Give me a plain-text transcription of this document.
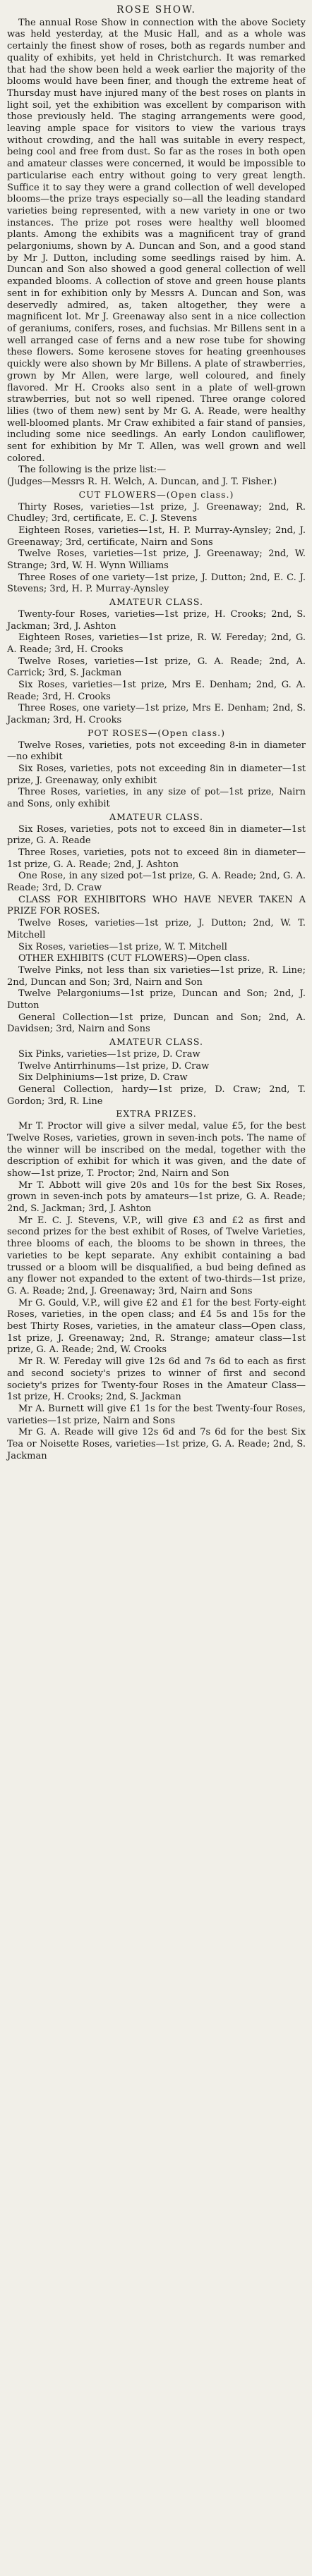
ROSE SHOW.
The annual Rose Show in connection with the above Society was held yesterday, at the Music Hall, and as a whole was certainly the finest show of roses, both as regards number and quality of exhibits, yet held in Christchurch. It was remarked that had the show been held a week earlier the majority of the blooms would have been finer, and though the extreme heat of Thursday must have injured many of the best roses on plants in light soil, yet the exhibition was excellent by comparison with those previously held. The staging arrangements were good, leaving ample space for visitors to view the various trays without crowding, and the hall was suitable in every respect, being cool and free from dust. So far as the roses in both open and amateur classes were concerned, it would be impossible to particularise each entry without going to very great length. Suffice it to say they were a grand collection of well developed blooms—the prize trays especially so—all the leading standard varieties being represented, with a new variety in one or two instances. The prize pot roses were healthy well bloomed plants. Among the exhibits was a magnificent tray of grand pelargoniums, shown by A. Duncan and Son, and a good stand by Mr J. Dutton, including some seedlings raised by him. A. Duncan and Son also showed a good general collection of well expanded blooms. A collection of stove and green house plants sent in for exhibition only by Messrs A. Duncan and Son, was deservedly admired, as, taken altogether, they were a magnificent lot. Mr J. Greenaway also sent in a nice collection of geraniums, conifers, roses, and fuchsias. Mr Billens sent in a well arranged case of ferns and a new rose tube for showing these flowers. Some kerosene stoves for heating greenhouses quickly were also shown by Mr Billens. A plate of strawberries, grown by Mr Allen, were large, well coloured, and finely flavored. Mr H. Crooks also sent in a plate of well-grown strawberries, but not so well ripened. Three orange colored lilies (two of them new) sent by Mr G. A. Reade, were healthy well-bloomed plants. Mr Craw exhibited a fair stand of pansies, including some nice seedlings. An early London cauliflower, sent for exhibition by Mr T. Allen, was well grown and well colored.
The following is the prize list:—
(Judges—Messrs R. H. Welch, A. Duncan, and J. T. Fisher.)
CUT FLOWERS—(Open class.)
Thirty Roses, varieties—1st prize, J. Greenaway; 2nd, R. Chudley; 3rd, certificate, E. C. J. Stevens
Eighteen Roses, varieties—1st, H. P. Murray-Aynsley; 2nd, J. Greenaway; 3rd, certificate, Nairn and Sons
Twelve Roses, varieties—1st prize, J. Greenaway; 2nd, W. Strange; 3rd, W. H. Wynn Williams
Three Roses of one variety—1st prize, J. Dutton; 2nd, E. C. J. Stevens; 3rd, H. P. Murray-Aynsley
AMATEUR CLASS.
Twenty-four Roses, varieties—1st prize, H. Crooks; 2nd, S. Jackman; 3rd, J. Ashton
Eighteen Roses, varieties—1st prize, R. W. Fereday; 2nd, G. A. Reade; 3rd, H. Crooks
Twelve Roses, varieties—1st prize, G. A. Reade; 2nd, A. Carrick; 3rd, S. Jackman
Six Roses, varieties—1st prize, Mrs E. Denham; 2nd, G. A. Reade; 3rd, H. Crooks
Three Roses, one variety—1st prize, Mrs E. Denham; 2nd, S. Jackman; 3rd, H. Crooks
POT ROSES—(Open class.)
Twelve Roses, varieties, pots not exceeding 8-in in diameter—no exhibit
Six Roses, varieties, pots not exceeding 8in in diameter—1st prize, J. Greenaway, only exhibit
Three Roses, varieties, in any size of pot—1st prize, Nairn and Sons, only exhibit
AMATEUR CLASS.
Six Roses, varieties, pots not to exceed 8in in diameter—1st prize, G. A. Reade
Three Roses, varieties, pots not to exceed 8in in diameter—1st prize, G. A. Reade; 2nd, J. Ashton
One Rose, in any sized pot—1st prize, G. A. Reade; 2nd, G. A. Reade; 3rd, D. Craw
CLASS FOR EXHIBITORS WHO HAVE NEVER TAKEN A PRIZE FOR ROSES.
Twelve Roses, varieties—1st prize, J. Dutton; 2nd, W. T. Mitchell
Six Roses, varieties—1st prize, W. T. Mitchell
OTHER EXHIBITS (CUT FLOWERS)—Open class.
Twelve Pinks, not less than six varieties—1st prize, R. Line; 2nd, Duncan and Son; 3rd, Nairn and Son
Twelve Pelargoniums—1st prize, Duncan and Son; 2nd, J. Dutton
General Collection—1st prize, Duncan and Son; 2nd, A. Davidsen; 3rd, Nairn and Sons
AMATEUR CLASS.
Six Pinks, varieties—1st prize, D. Craw
Twelve Antirrhinums—1st prize, D. Craw
Six Delphiniums—1st prize, D. Craw
General Collection, hardy—1st prize, D. Craw; 2nd, T. Gordon; 3rd, R. Line
EXTRA PRIZES.
Mr T. Proctor will give a silver medal, value £5, for the best Twelve Roses, varieties, grown in seven-inch pots. The name of the winner will be inscribed on the medal, together with the description of exhibit for which it was given, and the date of show—1st prize, T. Proctor; 2nd, Nairn and Son
Mr T. Abbott will give 20s and 10s for the best Six Roses, grown in seven-inch pots by amateurs—1st prize, G. A. Reade; 2nd, S. Jackman; 3rd, J. Ashton
Mr E. C. J. Stevens, V.P., will give £3 and £2 as first and second prizes for the best exhibit of Roses, of Twelve Varieties, three blooms of each, the blooms to be shown in threes, the varieties to be kept separate. Any exhibit containing a bad trussed or a bloom will be disqualified, a bud being defined as any flower not expanded to the extent of two-thirds—1st prize, G. A. Reade; 2nd, J. Greenaway; 3rd, Nairn and Sons
Mr G. Gould, V.P., will give £2 and £1 for the best Forty-eight Roses, varieties, in the open class; and £4 5s and 15s for the best Thirty Roses, varieties, in the amateur class—Open class, 1st prize, J. Greenaway; 2nd, R. Strange; amateur class—1st prize, G. A. Reade; 2nd, W. Crooks
Mr R. W. Fereday will give 12s 6d and 7s 6d to each as first and second society's prizes to winner of first and second society's prizes for Twenty-four Roses in the Amateur Class—1st prize, H. Crooks; 2nd, S. Jackman
Mr A. Burnett will give £1 1s for the best Twenty-four Roses, varieties—1st prize, Nairn and Sons
Mr G. A. Reade will give 12s 6d and 7s 6d for the best Six Tea or Noisette Roses, varieties—1st prize, G. A. Reade; 2nd, S. Jackman
